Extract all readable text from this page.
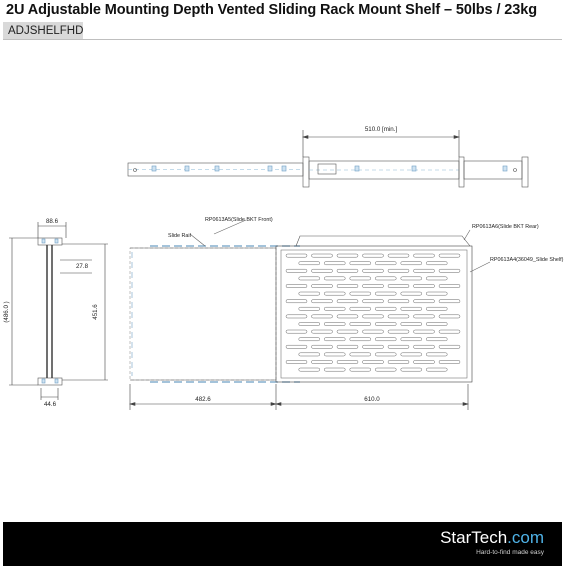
2U Adjustable Mounting Depth Vented Sliding Rack Mount Shelf – 50lbs / 23kg
ADJSHELFHD
510.0 [min.]
88.6
(486.0 )	451.6
27.8
44.6
482.6	610.0
RP0613A5(Slide BKT Front)
Slide Rail
RP0613A6(Slide BKT Rear)
RP0613A4(36049_Slide Shelf)
StarTech.com
Hard-to-find made easy
